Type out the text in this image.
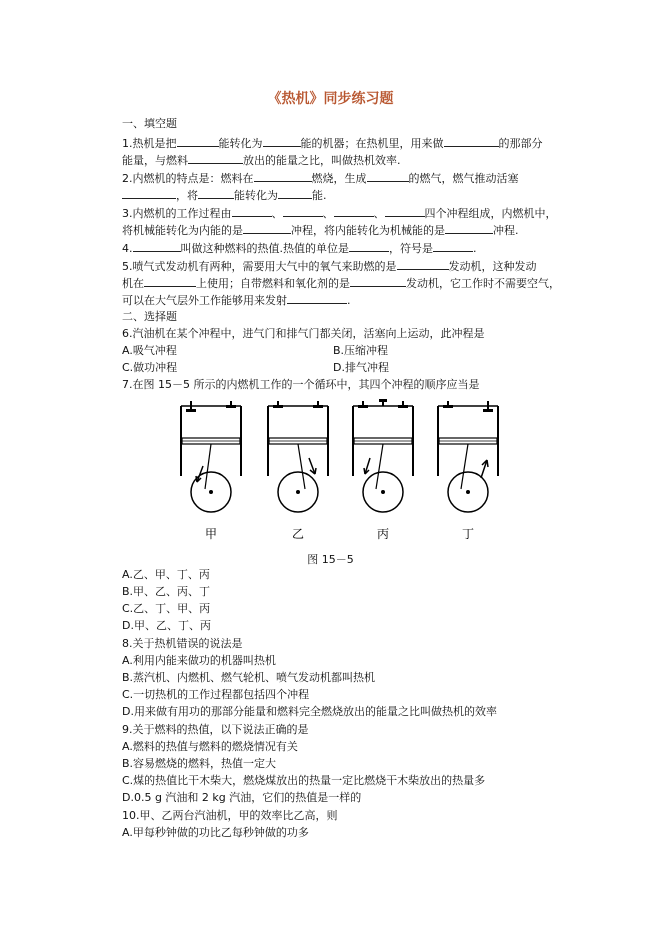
《热机》同步练习题
一、填空题
1.热机是把	能转化为	能的机器；在热机里，用来做	的那部分
能量，与燃料	放出的能量之比，叫做热机效率.
2.内燃机的特点是：燃料在	燃烧，生成	的燃气，燃气推动活塞
，将	能转化为	能.
3.内燃机的工作过程由	、	、	、	四个冲程组成，内燃机中，
将机械能转化为内能的是	冲程，将内能转化为机械能的是	冲程.
4.	叫做这种燃料的热值.热值的单位是	，符号是	.
5.喷气式发动机有两种，需要用大气中的氧气来助燃的是	发动机，这种发动
机在	上使用；自带燃料和氧化剂的是	发动机，它工作时不需要空气，
可以在大气层外工作能够用来发射	.
二、选择题
6.汽油机在某个冲程中，进气门和排气门都关闭，活塞向上运动，此冲程是
A.吸气冲程	B.压缩冲程
C.做功冲程	D.排气冲程
7.在图 15－5 所示的内燃机工作的一个循环中，其四个冲程的顺序应当是
甲	乙	丙	丁
图 15－5
A.乙、甲、丁、丙
B.甲、乙、丙、丁
C.乙、丁、甲、丙
D.甲、乙、丁、丙
8.关于热机错误的说法是
A.利用内能来做功的机器叫热机
B.蒸汽机、内燃机、燃气轮机、喷气发动机都叫热机
C.一切热机的工作过程都包括四个冲程
D.用来做有用功的那部分能量和燃料完全燃烧放出的能量之比叫做热机的效率
9.关于燃料的热值，以下说法正确的是
A.燃料的热值与燃料的燃烧情况有关
B.容易燃烧的燃料，热值一定大
C.煤的热值比干木柴大，燃烧煤放出的热量一定比燃烧干木柴放出的热量多
D.0.5 g 汽油和 2 kg 汽油，它们的热值是一样的
10.甲、乙两台汽油机，甲的效率比乙高，则
A.甲每秒钟做的功比乙每秒钟做的功多
